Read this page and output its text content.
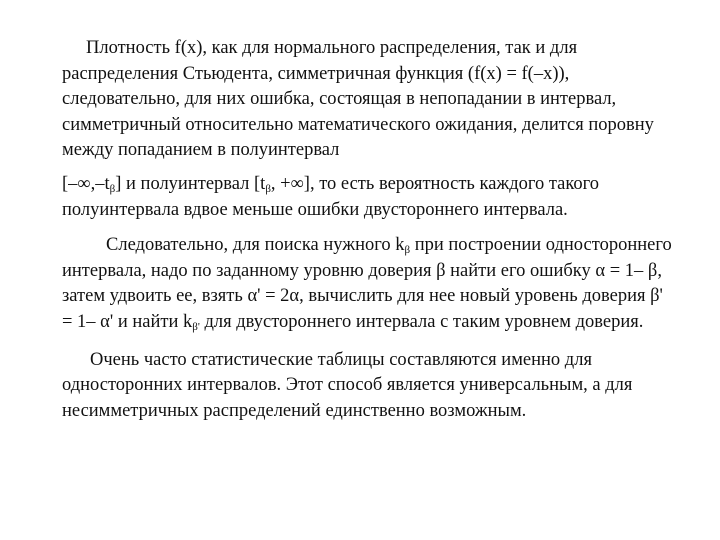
Плотность f(x), как для нормального распределения, так и для распределения Стьюдента, симметричная функция (f(x) = f(–x)), следовательно, для них ошибка, состоящая в непопадании в интервал, симметричный относительно математического ожидания, делится поровну между попаданием в полуинтервал

$[-\infty,-t_\beta]$ и полуинтервал [$t_\beta$, +∞], то есть вероятность каждого такого полуинтервала вдвое меньше ошибки двустороннего интервала.

Следовательно, для поиска нужного $k_\beta$ при построении одностороннего интервала, надо по заданному уровню доверия β найти его ошибку α = 1– β, затем удвоить ее, взять α' = 2α, вычислить для нее новый уровень доверия β' = 1– α' и найти $k_{\beta'}$ для двустороннего интервала с таким уровнем доверия.

Очень часто статистические таблицы составляются именно для односторонних интервалов. Этот способ является универсальным, а для несимметричных распределений единственно возможным.
